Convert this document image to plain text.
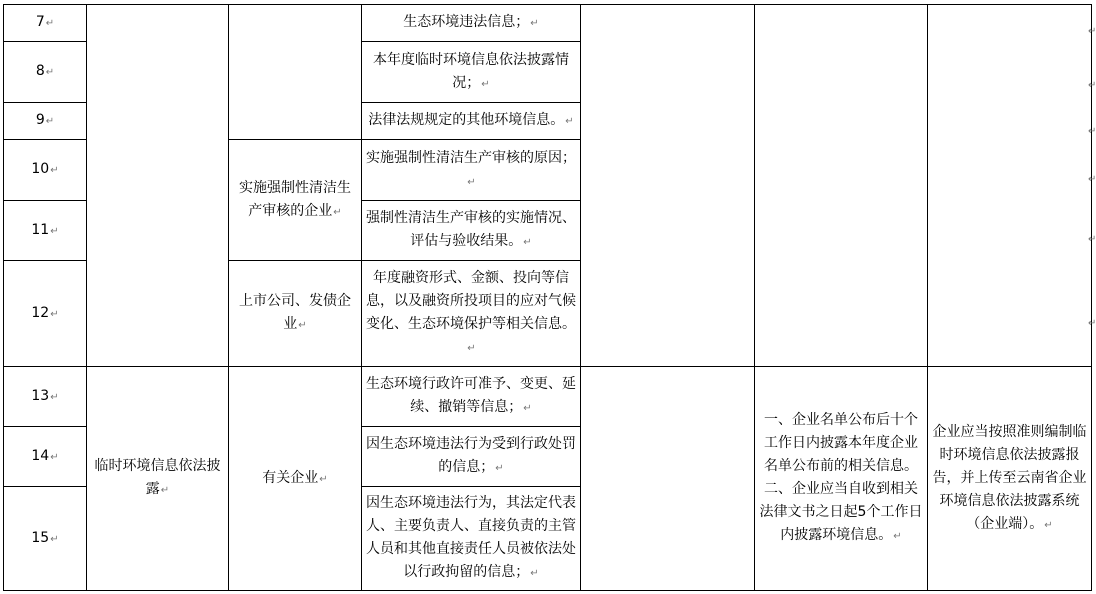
7↵			生态环境违法信息；↵			
8↵			本年度临时环境信息依法披露情况；↵			
9↵			法律法规规定的其他环境信息。↵			
10↵		实施强制性清洁生产审核的企业↵	实施强制性清洁生产审核的原因；↵			
11↵			强制性清洁生产审核的实施情况、评估与验收结果。↵			
12↵		上市公司、发债企业↵	年度融资形式、金额、投向等信息，以及融资所投项目的应对气候变化、生态环境保护等相关信息。↵			
13↵	临时环境信息依法披露↵	有关企业↵	生态环境行政许可准予、变更、延续、撤销等信息；↵		一、企业名单公布后十个工作日内披露本年度企业名单公布前的相关信息。二、企业应当自收到相关法律文书之日起5个工作日内披露环境信息。↵	企业应当按照准则编制临时环境信息依法披露报告，并上传至云南省企业环境信息依法披露系统（企业端）。↵
14↵			因生态环境违法行为受到行政处罚的信息；↵			
15↵			因生态环境违法行为，其法定代表人、主要负责人、直接负责的主管人员和其他直接责任人员被依法处以行政拘留的信息；↵			
↵
↵
↵
↵
↵
↵
